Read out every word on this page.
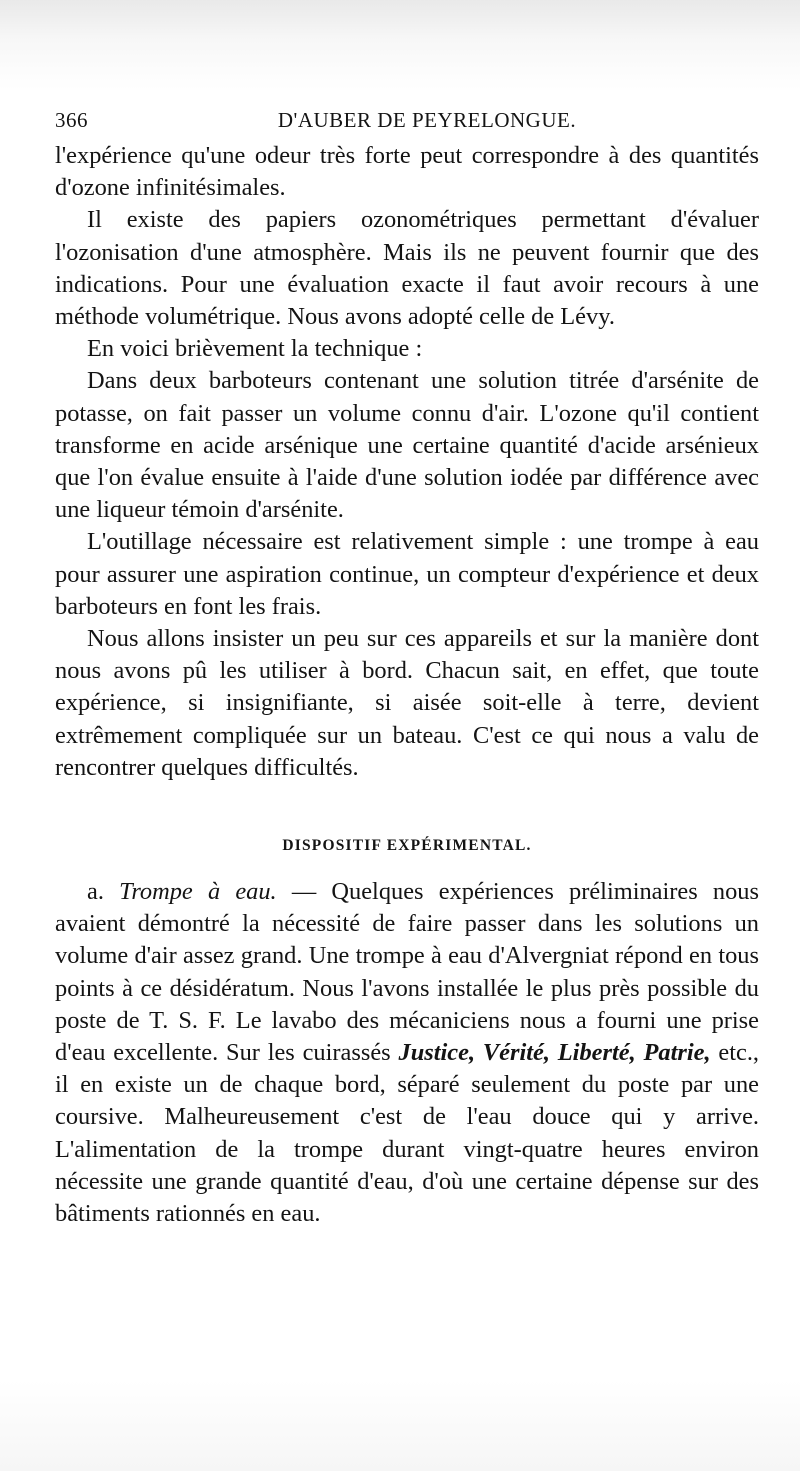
366	D'AUBER DE PEYRELONGUE.

l'expérience qu'une odeur très forte peut correspondre à des quantités d'ozone infinitésimales.

Il existe des papiers ozonométriques permettant d'évaluer l'ozonisation d'une atmosphère. Mais ils ne peuvent fournir que des indications. Pour une évaluation exacte il faut avoir recours à une méthode volumétrique. Nous avons adopté celle de Lévy.

En voici brièvement la technique :

Dans deux barboteurs contenant une solution titrée d'arsénite de potasse, on fait passer un volume connu d'air. L'ozone qu'il contient transforme en acide arsénique une certaine quantité d'acide arsénieux que l'on évalue ensuite à l'aide d'une solution iodée par différence avec une liqueur témoin d'arsénite.

L'outillage nécessaire est relativement simple : une trompe à eau pour assurer une aspiration continue, un compteur d'expérience et deux barboteurs en font les frais.

Nous allons insister un peu sur ces appareils et sur la manière dont nous avons pû les utiliser à bord. Chacun sait, en effet, que toute expérience, si insignifiante, si aisée soit-elle à terre, devient extrêmement compliquée sur un bateau. C'est ce qui nous a valu de rencontrer quelques difficultés.

DISPOSITIF EXPÉRIMENTAL.

a. Trompe à eau. — Quelques expériences préliminaires nous avaient démontré la nécessité de faire passer dans les solutions un volume d'air assez grand. Une trompe à eau d'Alvergniat répond en tous points à ce désidératum. Nous l'avons installée le plus près possible du poste de T. S. F. Le lavabo des mécaniciens nous a fourni une prise d'eau excellente. Sur les cuirassés Justice, Vérité, Liberté, Patrie, etc., il en existe un de chaque bord, séparé seulement du poste par une coursive. Malheureusement c'est de l'eau douce qui y arrive. L'alimentation de la trompe durant vingt-quatre heures environ nécessite une grande quantité d'eau, d'où une certaine dépense sur des bâtiments rationnés en eau.
